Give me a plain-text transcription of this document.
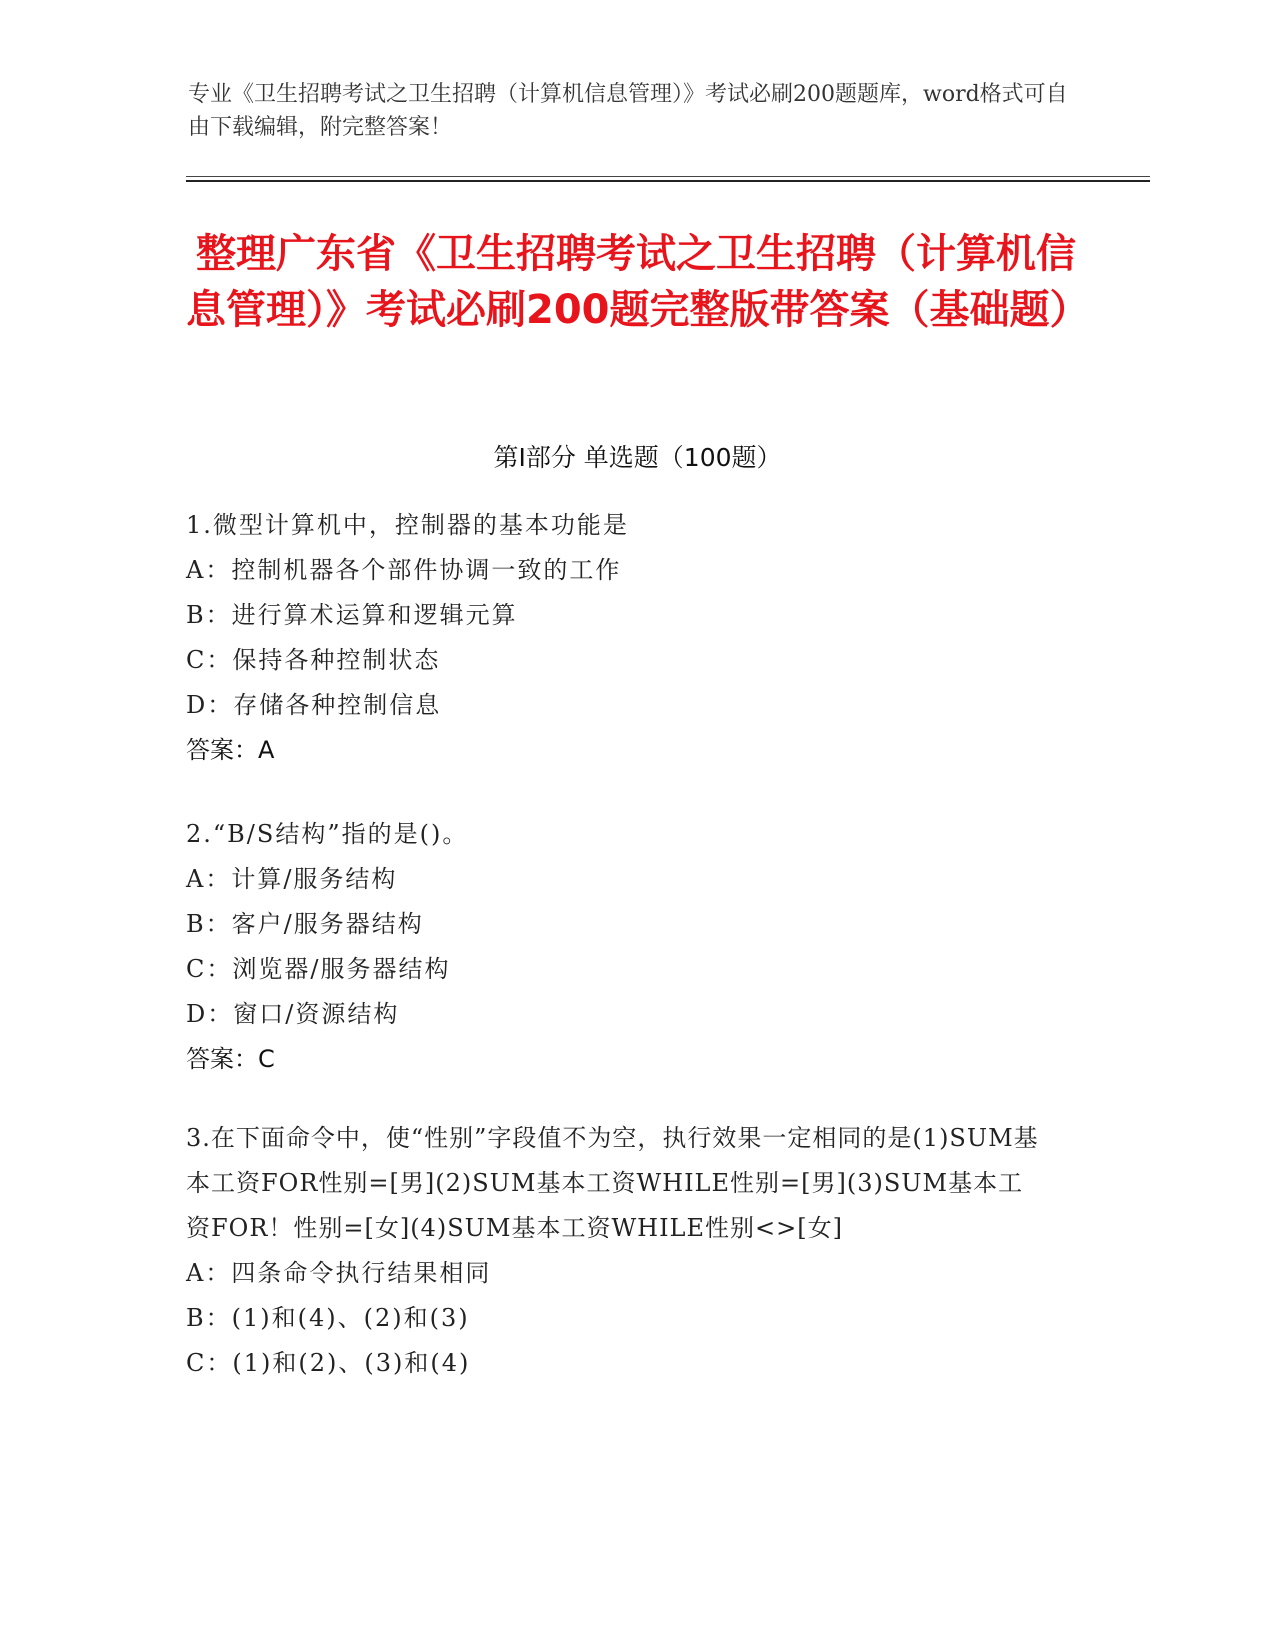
专业《卫生招聘考试之卫生招聘（计算机信息管理）》考试必刷200题题库，word格式可自由下载编辑，附完整答案！
整理广东省《卫生招聘考试之卫生招聘（计算机信息管理）》考试必刷200题完整版带答案（基础题）
第Ⅰ部分 单选题（100题）
1.微型计算机中，控制器的基本功能是
A：控制机器各个部件协调一致的工作
B：进行算术运算和逻辑元算
C：保持各种控制状态
D：存储各种控制信息
答案：A
2.“B/S结构”指的是()。
A：计算/服务结构
B：客户/服务器结构
C：浏览器/服务器结构
D：窗口/资源结构
答案：C
3.在下面命令中，使“性别”字段值不为空，执行效果一定相同的是(1)SUM基本工资FOR性别=[男](2)SUM基本工资WHILE性别=[男](3)SUM基本工资FOR！性别=[女](4)SUM基本工资WHILE性别<>[女]
A：四条命令执行结果相同
B：(1)和(4)、(2)和(3)
C：(1)和(2)、(3)和(4)
